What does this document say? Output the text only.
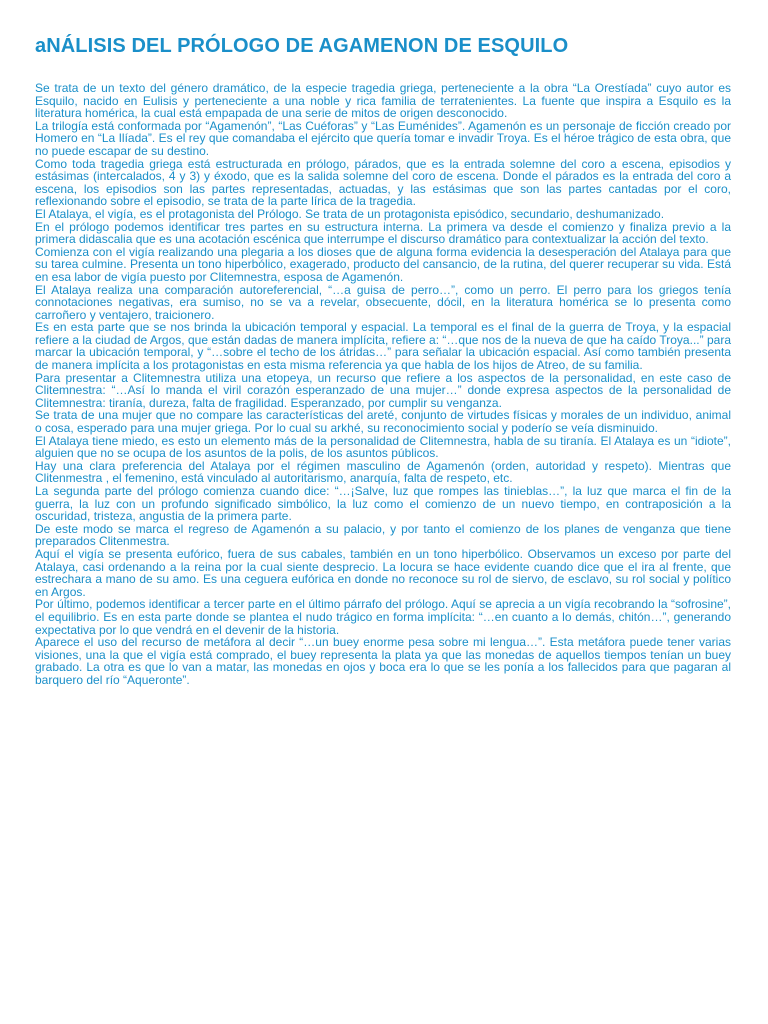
aNÁLISIS DEL PRÓLOGO DE AGAMENON DE ESQUILO

Se trata de un texto del género dramático, de la especie tragedia griega, perteneciente a la obra “La Orestíada” cuyo autor es Esquilo, nacido en Eulisis y perteneciente a una noble y rica familia de terratenientes. La fuente que inspira a Esquilo es la literatura homérica, la cual está empapada de una serie de mitos de origen desconocido.

La trilogía está conformada por “Agamenón”, “Las Cuéforas” y “Las Euménides”. Agamenón es un personaje de ficción creado por Homero en “La Ilíada”. Es el rey que comandaba el ejército que quería tomar e invadir Troya. Es el héroe trágico de esta obra, que no puede escapar de su destino.

Como toda tragedia griega está estructurada en prólogo, párados, que es la entrada solemne del coro a escena, episodios y estásimas (intercalados, 4 y 3) y éxodo, que es la salida solemne del coro de escena. Donde el párados es la entrada del coro a escena, los episodios son las partes representadas, actuadas, y las estásimas que son las partes cantadas por el coro, reflexionando sobre el episodio, se trata de la parte lírica de la tragedia.

El Atalaya, el vigía, es el protagonista del Prólogo. Se trata de un protagonista episódico, secundario, deshumanizado.

En el prólogo podemos identificar tres partes en su estructura interna. La primera va desde el comienzo y finaliza previo a la primera didascalia que es una acotación escénica que interrumpe el discurso dramático para contextualizar la acción del texto.

Comienza con el vigía realizando una plegaria a los dioses que de alguna forma evidencia la desesperación del Atalaya para que su tarea culmine. Presenta un tono hiperbólico, exagerado, producto del cansancio, de la rutina, del querer recuperar su vida. Está en esa labor de vigía puesto por Clitemnestra, esposa de Agamenón.

El Atalaya realiza una comparación autoreferencial, “…a guisa de perro…”, como un perro. El perro para los griegos tenía connotaciones negativas, era sumiso, no se va a revelar, obsecuente, dócil, en la literatura homérica se lo presenta como carroñero y ventajero, traicionero.

Es en esta parte que se nos brinda la ubicación temporal y espacial. La temporal es el final de la guerra de Troya, y la espacial refiere a la ciudad de Argos, que están dadas de manera implícita, refiere a: “…que nos de la nueva de que ha caído Troya...” para marcar la ubicación temporal, y “…sobre el techo de los átridas…” para señalar la ubicación espacial. Así como también presenta de manera implícita a los protagonistas en esta misma referencia ya que habla de los hijos de Atreo, de su familia.

Para presentar a Clitemnestra utiliza una etopeya, un recurso que refiere a los aspectos de la personalidad, en este caso de Clitemnestra: “…Así lo manda el viril corazón esperanzado de una mujer…” donde expresa aspectos de la personalidad de Clitemnestra: tiranía, dureza, falta de fragilidad. Esperanzado, por cumplir su venganza.

Se trata de una mujer que no compare las características del areté, conjunto de virtudes físicas y morales de un individuo, animal o cosa, esperado para una mujer griega. Por lo cual su arkhé, su reconocimiento social y poderío se veía disminuido.

El Atalaya tiene miedo, es esto un elemento más de la personalidad de Clitemnestra, habla de su tiranía. El Atalaya es un “idiote”, alguien que no se ocupa de los asuntos de la polis, de los asuntos públicos.

Hay una clara preferencia del Atalaya por el régimen masculino de Agamenón (orden, autoridad y respeto). Mientras que Clitenmestra , el femenino, está vinculado al autoritarismo, anarquía, falta de respeto, etc.

La segunda parte del prólogo comienza cuando dice: “…¡Salve, luz que rompes las tinieblas…”, la luz que marca el fin de la guerra, la luz con un profundo significado simbólico, la luz como el comienzo de un nuevo tiempo, en contraposición a la oscuridad, tristeza, angustia de la primera parte.

De este modo se marca el regreso de Agamenón a su palacio, y por tanto el comienzo de los planes de venganza que tiene preparados Clitenmestra.

Aquí el vigía se presenta eufórico, fuera de sus cabales, también en un tono hiperbólico. Observamos un exceso por parte del Atalaya, casi ordenando a la reina por la cual siente desprecio. La locura se hace evidente cuando dice que el ira al frente, que estrechara a mano de su amo. Es una ceguera eufórica en donde no reconoce su rol de siervo, de esclavo, su rol social y político en Argos.

Por último, podemos identificar a tercer parte en el último párrafo del prólogo. Aquí se aprecia a un vigía recobrando la “sofrosine”, el equilibrio. Es en esta parte donde se plantea el nudo trágico en forma implícita: “…en cuanto a lo demás, chitón…”, generando expectativa por lo que vendrá en el devenir de la historia.

Aparece el uso del recurso de metáfora al decir “…un buey enorme pesa sobre mi lengua…”. Esta metáfora puede tener varias visiones, una la que el vigía está comprado, el buey representa la plata ya que las monedas de aquellos tiempos tenían un buey grabado. La otra es que lo van a matar, las monedas en ojos y boca era lo que se les ponía a los fallecidos para que pagaran al barquero del río “Aqueronte”.
